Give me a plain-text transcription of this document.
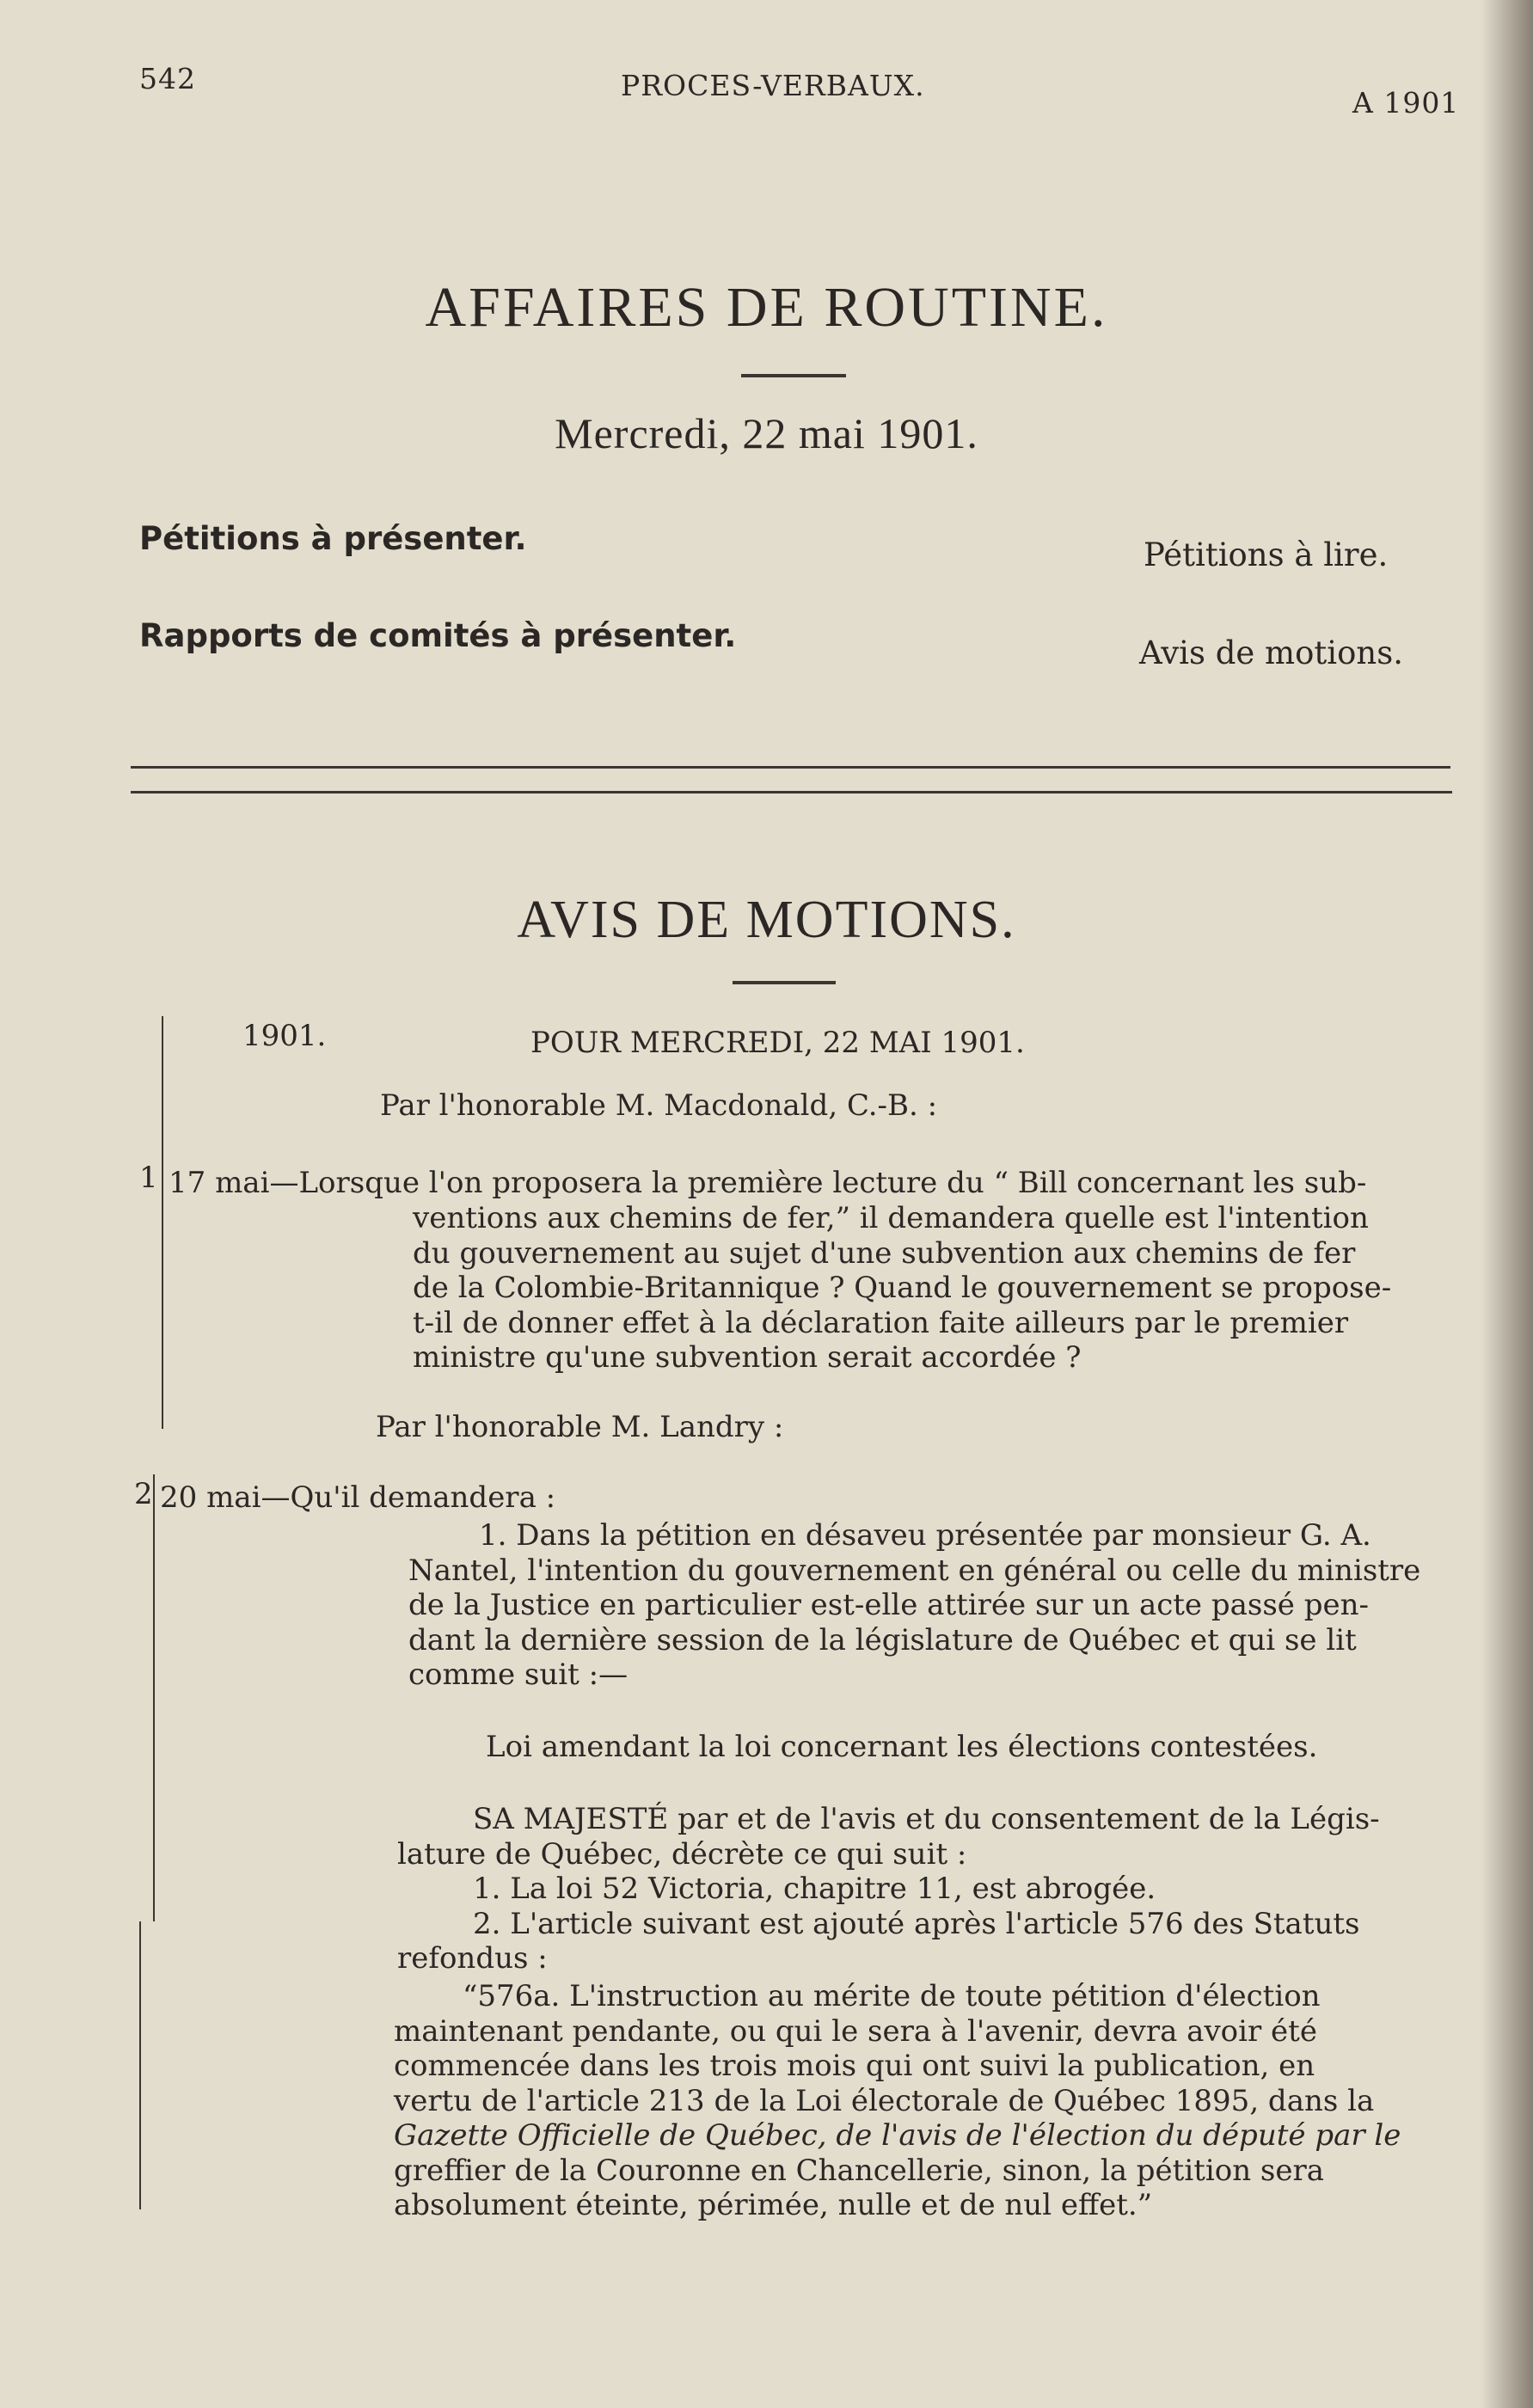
542	PROCES-VERBAUX.
A 1901
AFFAIRES DE ROUTINE.
Mercredi, 22 mai 1901.
Pétitions à présenter.
Rapports de comités à présenter.
Pétitions à lire.
Avis de motions.
AVIS DE MOTIONS.
1901.	POUR MERCREDI, 22 MAI 1901.
Par l'honorable M. Macdonald, C.-B. :
1 17 mai—Lorsque l'on proposera la première lecture du “ Bill concernant les sub-
ventions aux chemins de fer,” il demandera quelle est l'intention
du gouvernement au sujet d'une subvention aux chemins de fer
de la Colombie-Britannique ? Quand le gouvernement se propose-
t-il de donner effet à la déclaration faite ailleurs par le premier
ministre qu'une subvention serait accordée ?
Par l'honorable M. Landry :
2 20 mai—Qu'il demandera :
1. Dans la pétition en désaveu présentée par monsieur G. A.
Nantel, l'intention du gouvernement en général ou celle du ministre
de la Justice en particulier est-elle attirée sur un acte passé pen-
dant la dernière session de la législature de Québec et qui se lit
comme suit :—
Loi amendant la loi concernant les élections contestées.
SA MAJESTÉ par et de l'avis et du consentement de la Légis-
lature de Québec, décrète ce qui suit :
1. La loi 52 Victoria, chapitre 11, est abrogée.
2. L'article suivant est ajouté après l'article 576 des Statuts
refondus :
“576a. L'instruction au mérite de toute pétition d'élection
maintenant pendante, ou qui le sera à l'avenir, devra avoir été
commencée dans les trois mois qui ont suivi la publication, en
vertu de l'article 213 de la Loi électorale de Québec 1895, dans la
Gazette Officielle de Québec, de l'avis de l'élection du député par le
greffier de la Couronne en Chancellerie, sinon, la pétition sera
absolument éteinte, périmée, nulle et de nul effet.”
